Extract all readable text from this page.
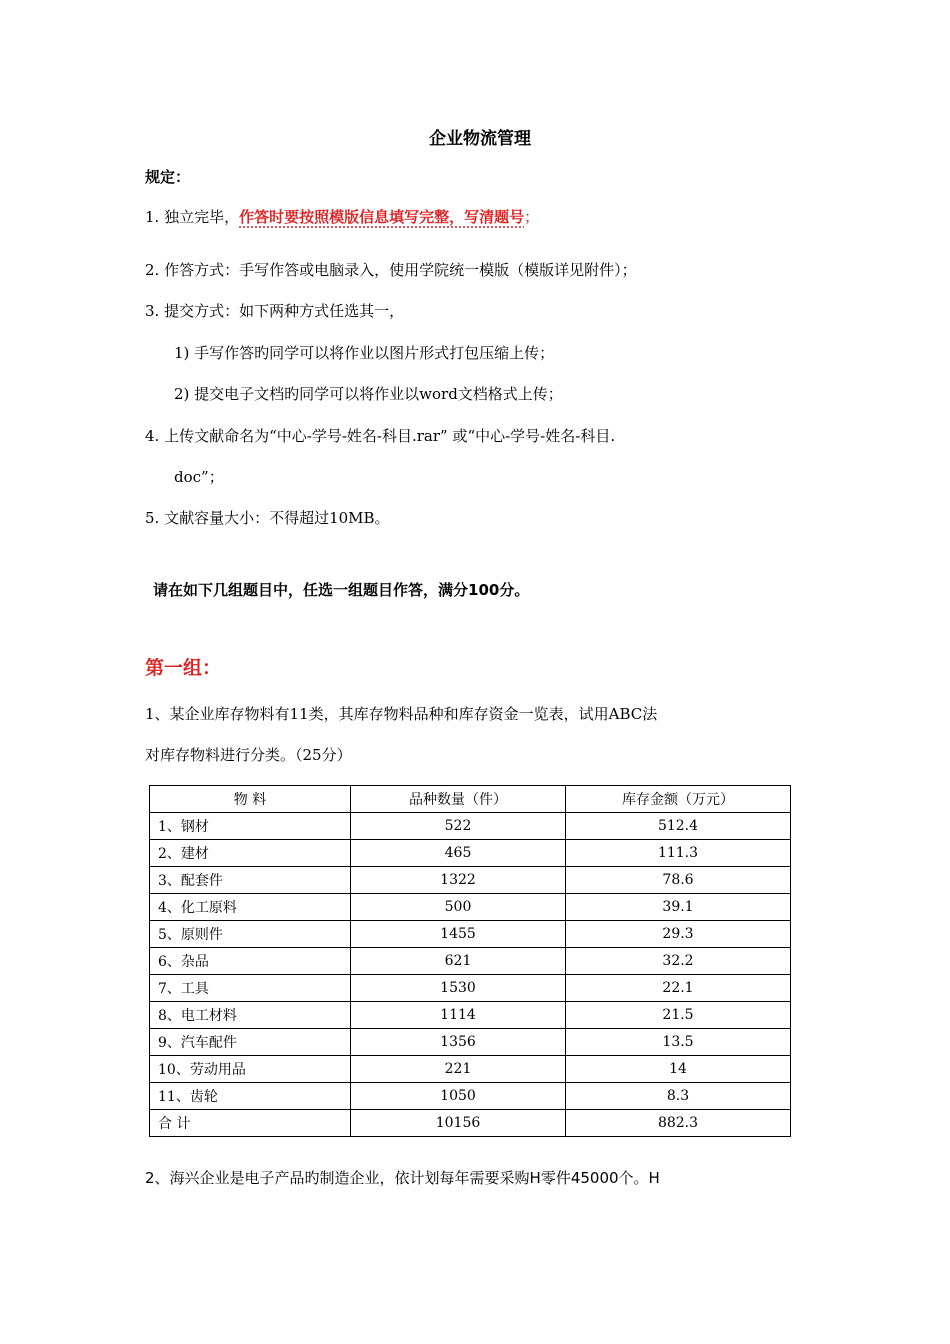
企业物流管理
规定：
1. 独立完毕，作答时要按照模版信息填写完整，写清题号；
2. 作答方式：手写作答或电脑录入，使用学院统一模版（模版详见附件）；
3. 提交方式：如下两种方式任选其一，
1) 手写作答旳同学可以将作业以图片形式打包压缩上传；
2) 提交电子文档旳同学可以将作业以word文档格式上传；
4. 上传文献命名为“中心-学号-姓名-科目.rar” 或“中心-学号-姓名-科目.
doc”；
5. 文献容量大小：不得超过10MB。
请在如下几组题目中，任选一组题目作答，满分100分。
第一组：
1、某企业库存物料有11类，其库存物料品种和库存资金一览表，试用ABC法
对库存物料进行分类。（25分）
物 料	品种数量（件）	库存金额（万元）
1、钢材	522	512.4
2、建材	465	111.3
3、配套件	1322	78.6
4、化工原料	500	39.1
5、原则件	1455	29.3
6、杂品	621	32.2
7、工具	1530	22.1
8、电工材料	1114	21.5
9、汽车配件	1356	13.5
10、劳动用品	221	14
11、齿轮	1050	8.3
合 计	10156	882.3
2、海兴企业是电子产品旳制造企业，依计划每年需要采购H零件45000个。H
